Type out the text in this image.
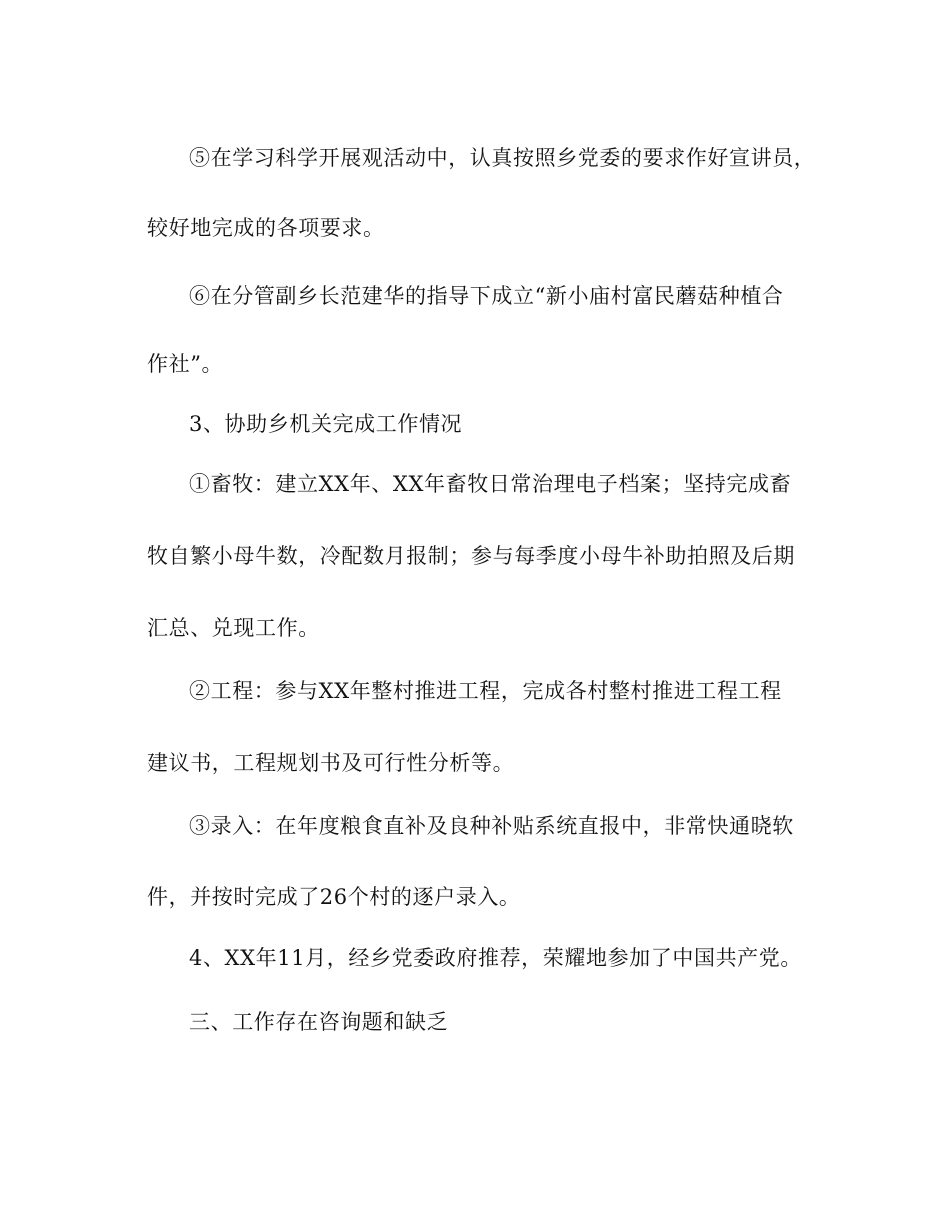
⑤在学习科学开展观活动中，认真按照乡党委的要求作好宣讲员，

较好地完成的各项要求。

⑥在分管副乡长范建华的指导下成立“新小庙村富民蘑菇种植合

作社”。

3、协助乡机关完成工作情况

①畜牧：建立XX年、XX年畜牧日常治理电子档案；坚持完成畜

牧自繁小母牛数，冷配数月报制；参与每季度小母牛补助拍照及后期

汇总、兑现工作。

②工程：参与XX年整村推进工程，完成各村整村推进工程工程

建议书，工程规划书及可行性分析等。

③录入：在年度粮食直补及良种补贴系统直报中，非常快通晓软

件，并按时完成了26个村的逐户录入。

4、XX年11月，经乡党委政府推荐，荣耀地参加了中国共产党。

三、工作存在咨询题和缺乏
